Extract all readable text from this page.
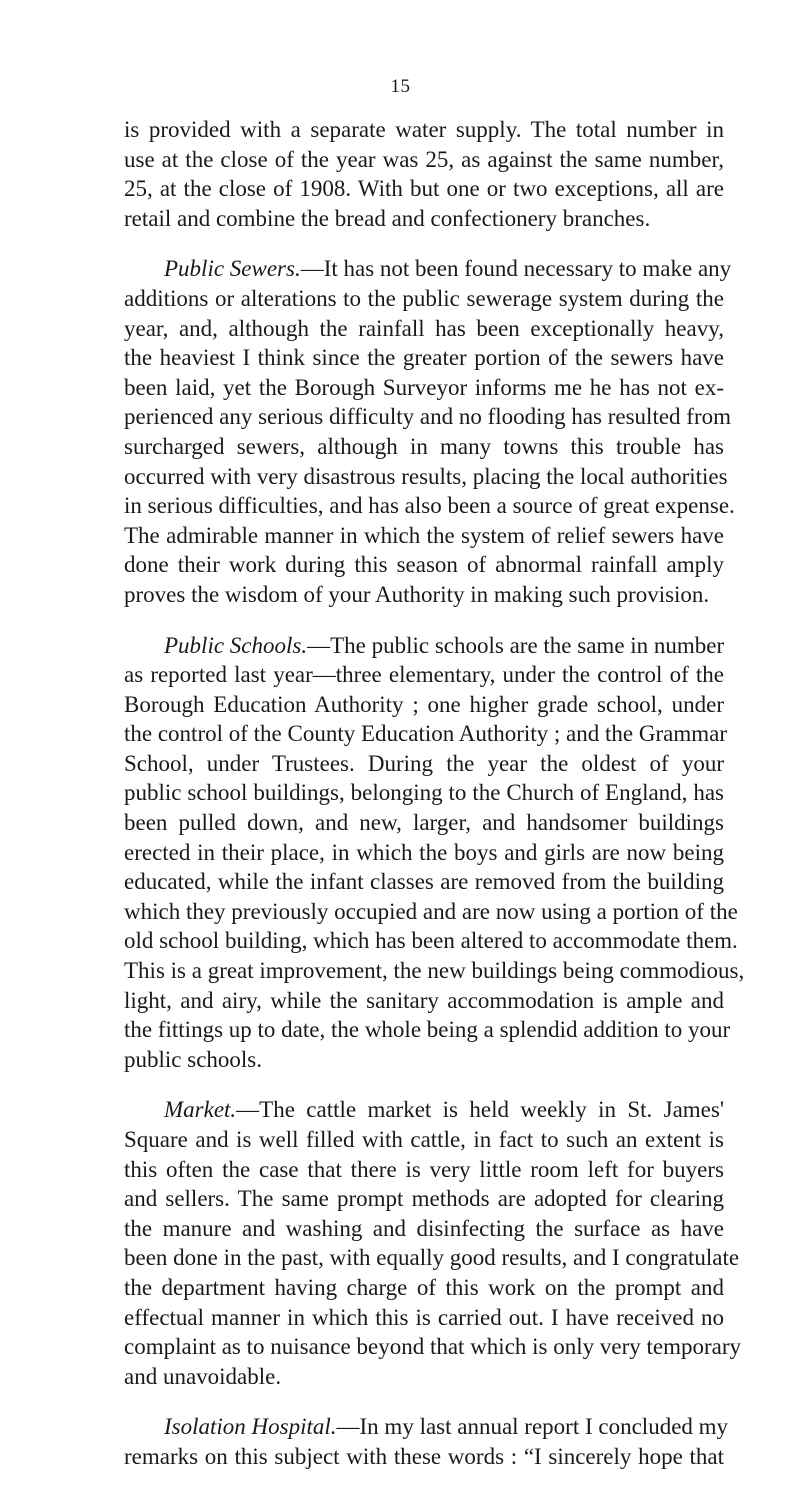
15
is provided with a separate water supply. The total number in
use at the close of the year was 25, as against the same number,
25, at the close of 1908. With but one or two exceptions, all are
retail and combine the bread and confectionery branches.
Public Sewers.—It has not been found necessary to make any
additions or alterations to the public sewerage system during the
year, and, although the rainfall has been exceptionally heavy,
the heaviest I think since the greater portion of the sewers have
been laid, yet the Borough Surveyor informs me he has not ex-
perienced any serious difficulty and no flooding has resulted from
surcharged sewers, although in many towns this trouble has
occurred with very disastrous results, placing the local authorities
in serious difficulties, and has also been a source of great expense.
The admirable manner in which the system of relief sewers have
done their work during this season of abnormal rainfall amply
proves the wisdom of your Authority in making such provision.
Public Schools.—The public schools are the same in number
as reported last year—three elementary, under the control of the
Borough Education Authority ; one higher grade school, under
the control of the County Education Authority ; and the Grammar
School, under Trustees. During the year the oldest of your
public school buildings, belonging to the Church of England, has
been pulled down, and new, larger, and handsomer buildings
erected in their place, in which the boys and girls are now being
educated, while the infant classes are removed from the building
which they previously occupied and are now using a portion of the
old school building, which has been altered to accommodate them.
This is a great improvement, the new buildings being commodious,
light, and airy, while the sanitary accommodation is ample and
the fittings up to date, the whole being a splendid addition to your
public schools.
Market.—The cattle market is held weekly in St. James'
Square and is well filled with cattle, in fact to such an extent is
this often the case that there is very little room left for buyers
and sellers. The same prompt methods are adopted for clearing
the manure and washing and disinfecting the surface as have
been done in the past, with equally good results, and I congratulate
the department having charge of this work on the prompt and
effectual manner in which this is carried out. I have received no
complaint as to nuisance beyond that which is only very temporary
and unavoidable.
Isolation Hospital.—In my last annual report I concluded my
remarks on this subject with these words : “I sincerely hope that
